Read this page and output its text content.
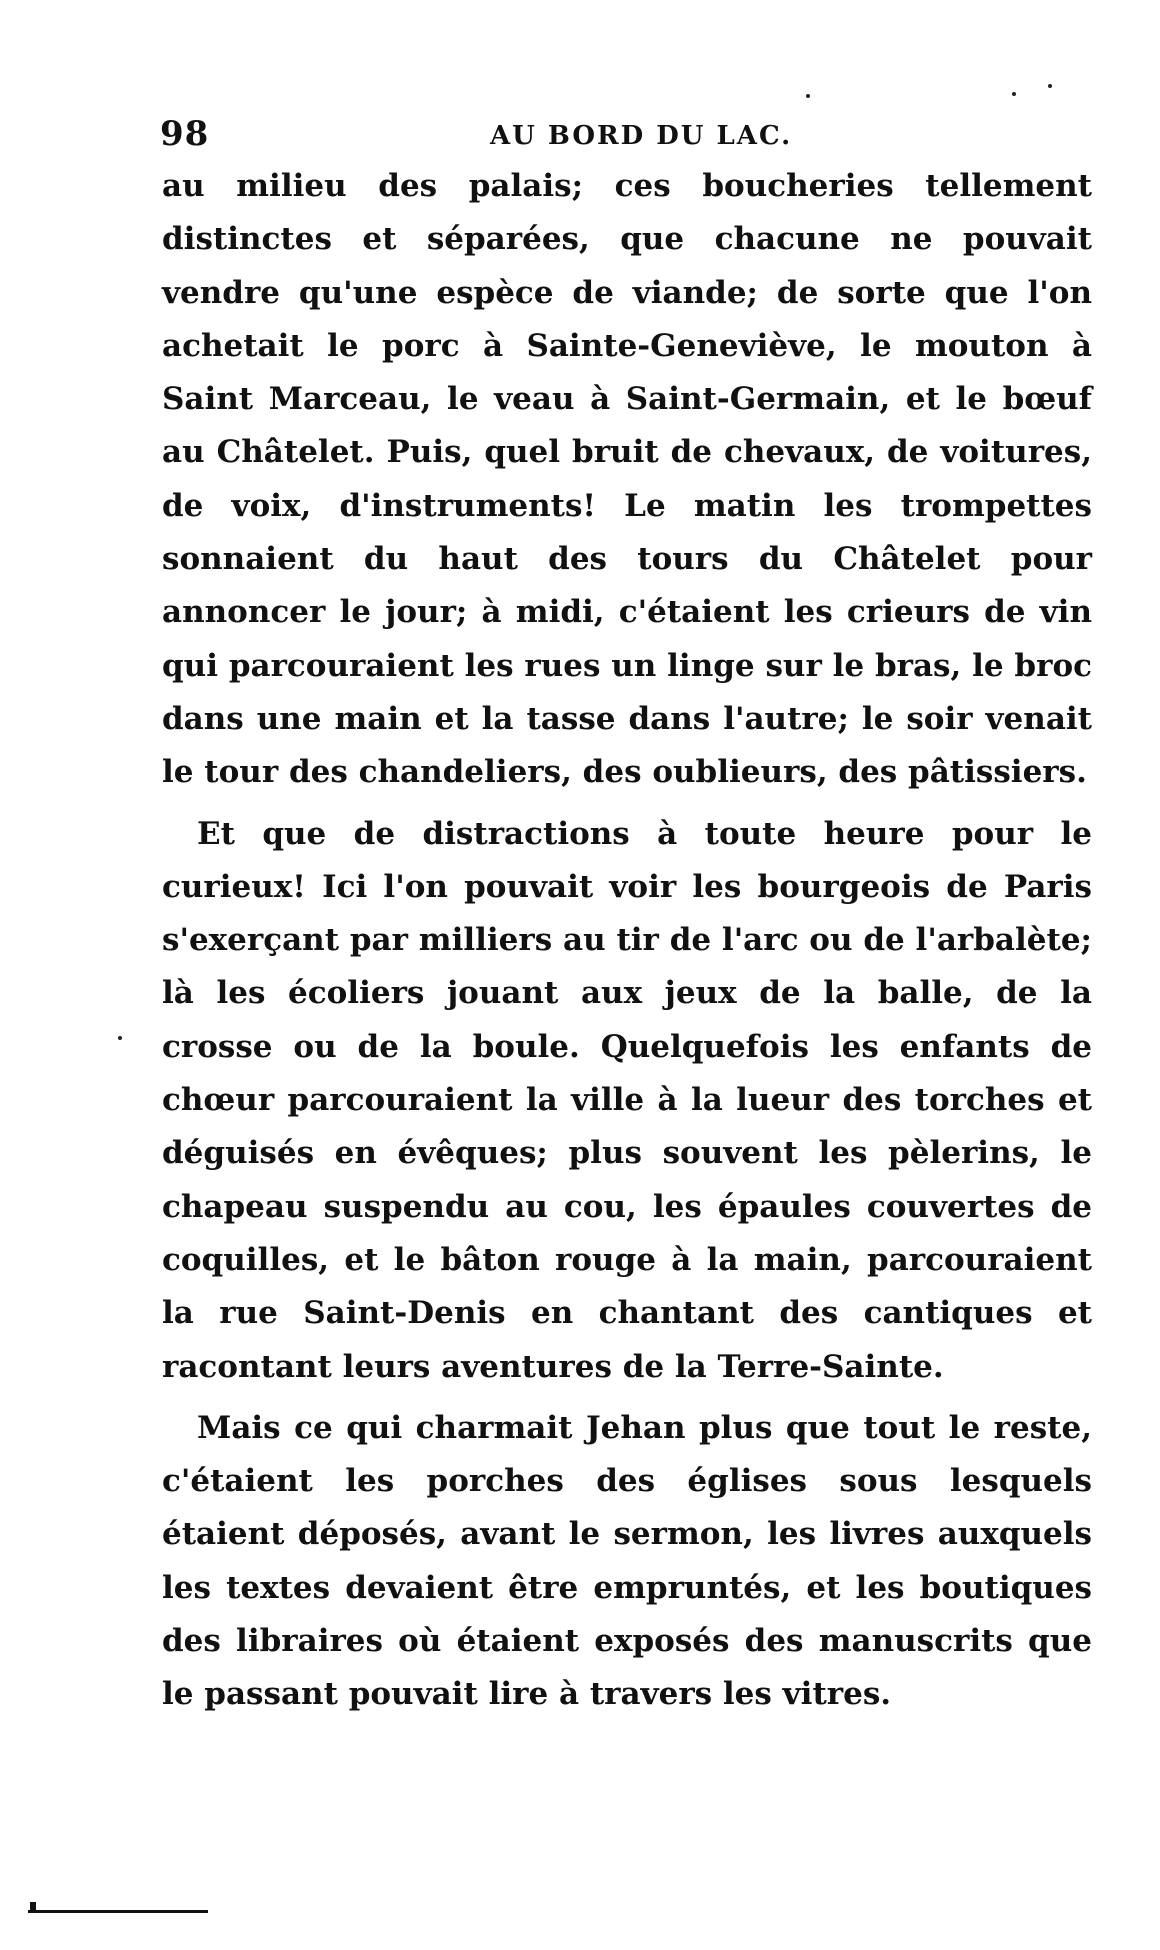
98	AU BORD DU LAC.

au milieu des palais; ces boucheries tellement distinctes et séparées, que chacune ne pouvait vendre qu'une espèce de viande; de sorte que l'on achetait le porc à Sainte-Geneviève, le mouton à Saint Marceau, le veau à Saint-Germain, et le bœuf au Châtelet. Puis, quel bruit de chevaux, de voitures, de voix, d'instruments! Le matin les trompettes sonnaient du haut des tours du Châtelet pour annoncer le jour; à midi, c'étaient les crieurs de vin qui parcouraient les rues un linge sur le bras, le broc dans une main et la tasse dans l'autre; le soir venait le tour des chandeliers, des oublieurs, des pâtissiers.

Et que de distractions à toute heure pour le curieux! Ici l'on pouvait voir les bourgeois de Paris s'exerçant par milliers au tir de l'arc ou de l'arbalète; là les écoliers jouant aux jeux de la balle, de la crosse ou de la boule. Quelquefois les enfants de chœur parcouraient la ville à la lueur des torches et déguisés en évêques; plus souvent les pèlerins, le chapeau suspendu au cou, les épaules couvertes de coquilles, et le bâton rouge à la main, parcouraient la rue Saint-Denis en chantant des cantiques et racontant leurs aventures de la Terre-Sainte.

Mais ce qui charmait Jehan plus que tout le reste, c'étaient les porches des églises sous lesquels étaient déposés, avant le sermon, les livres auxquels les textes devaient être empruntés, et les boutiques des libraires où étaient exposés des manuscrits que le passant pouvait lire à travers les vitres.
